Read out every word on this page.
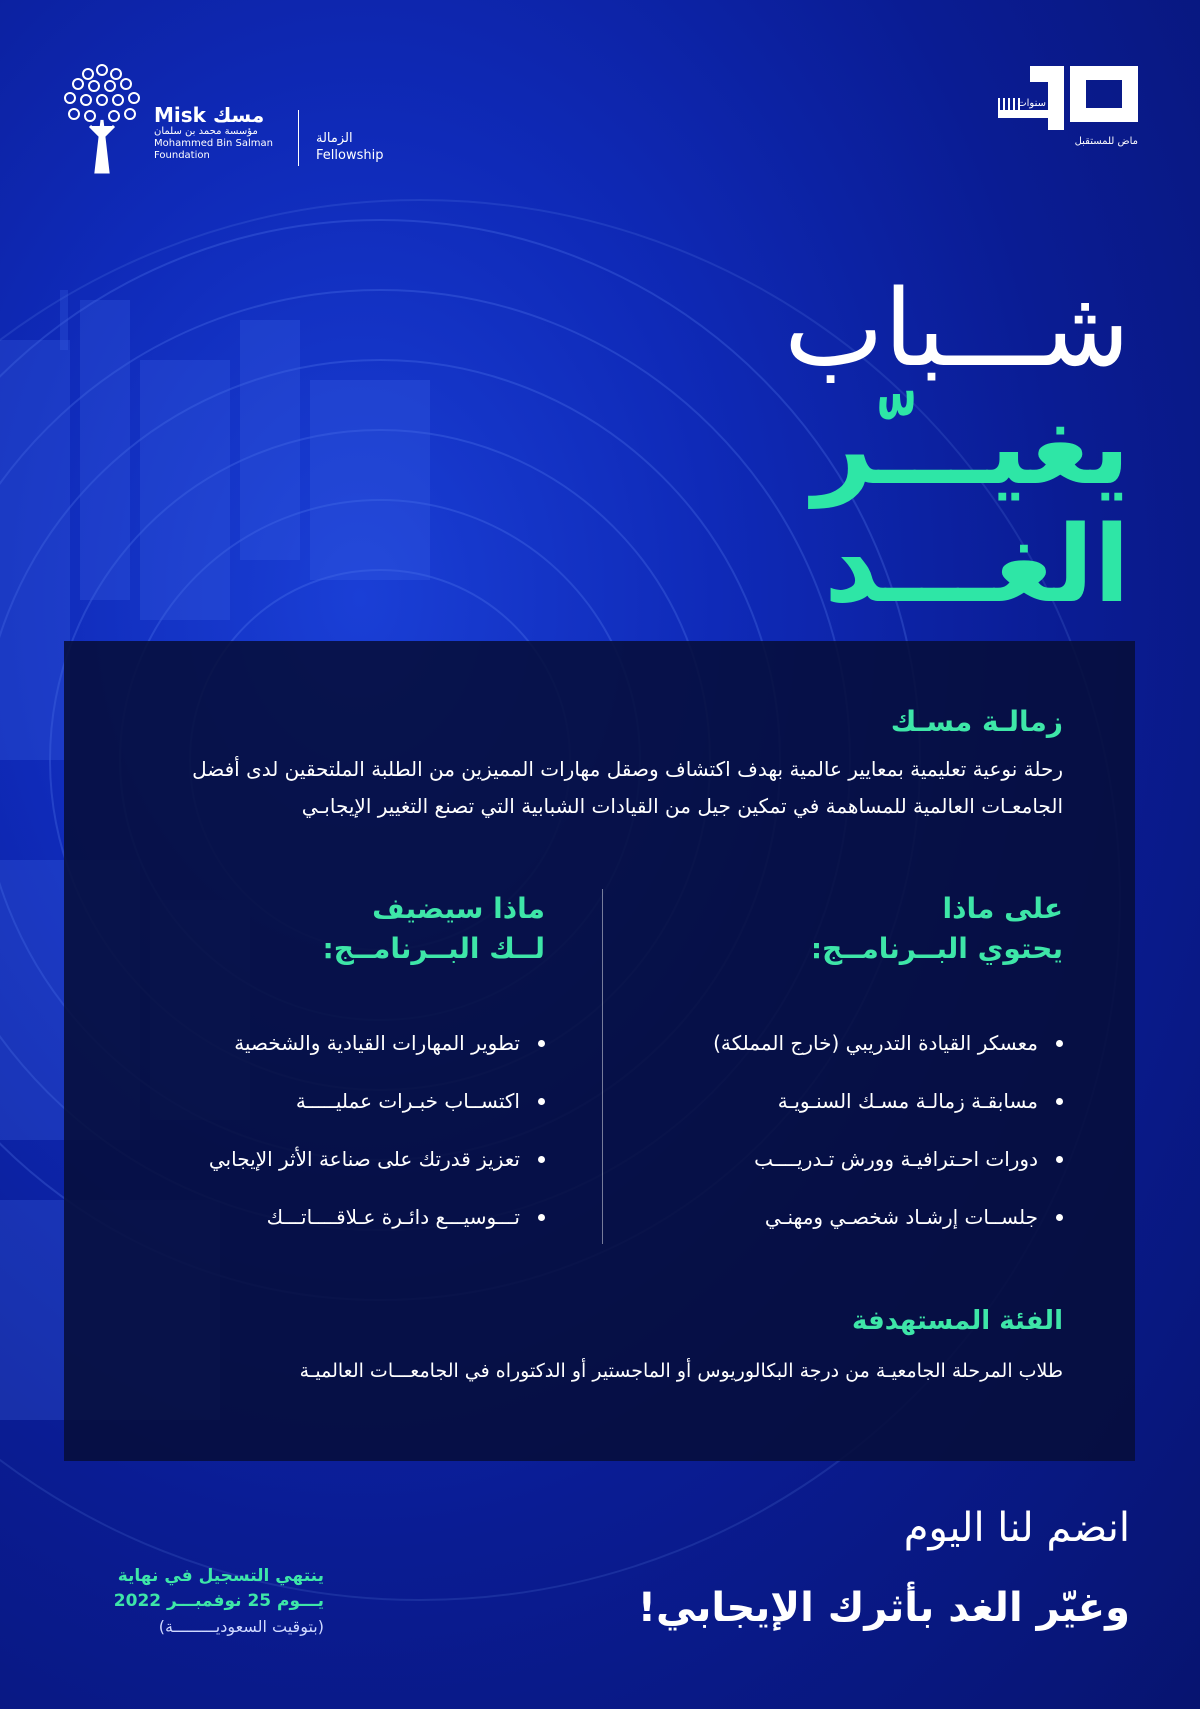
Misk مسك
مؤسسة محمد بن سلمان
Mohammed Bin Salman
Foundation
الزمالة
Fellowship
سنوات
ماض للمستقبل
شـــباب
يغيـــّر
الغـــد
زمالـة مسـك
رحلة نوعية تعليمية بمعايير عالمية بهدف اكتشاف وصقل مهارات المميزين من الطلبة الملتحقين لدى أفضل الجامعـات العالمية للمساهمة في تمكين جيل من القيادات الشبابية التي تصنع التغيير الإيجابـي
على ماذا
يحتوي البــرنامــج:
معسكر القيادة التدريبي (خارج المملكة)
مسابقـة زمالـة مسـك السنـويـة
دورات احـترافيـة وورش تـدريــــب
جلســات إرشـاد شخصـي ومهنـي
ماذا سيضيف
لــك البــرنامــج:
تطوير المهارات القيادية والشخصية
اكتســاب خبـرات عمليـــــة
تعزيز قدرتك على صناعة الأثر الإيجابي
تـــوسيـــع دائـرة عـلاقــــاتـــك
الفئة المستهدفة
طلاب المرحلة الجامعيـة من درجة البكالوريوس أو الماجستير أو الدكتوراه في الجامعـــات العالميـة
انضم لنا اليوم
وغيّر الغد بأثرك الإيجابي!
ينتهي التسجيل في نهاية
يـــوم 25 نوفمبـــر 2022
(بتوقيت السعوديـــــــــة)
